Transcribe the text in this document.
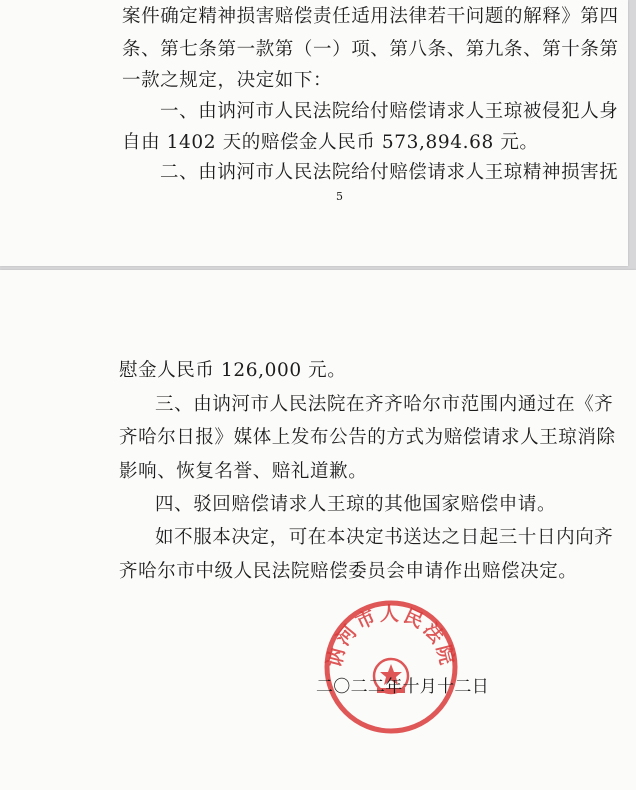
案件确定精神损害赔偿责任适用法律若干问题的解释》第四
条、第七条第一款第（一）项、第八条、第九条、第十条第
一款之规定，决定如下：
一、由讷河市人民法院给付赔偿请求人王琼被侵犯人身
自由 1402 天的赔偿金人民币 573,894.68 元。
二、由讷河市人民法院给付赔偿请求人王琼精神损害抚
5
慰金人民币 126,000 元。
三、由讷河市人民法院在齐齐哈尔市范围内通过在《齐
齐哈尔日报》媒体上发布公告的方式为赔偿请求人王琼消除
影响、恢复名誉、赔礼道歉。
四、驳回赔偿请求人王琼的其他国家赔偿申请。
如不服本决定，可在本决定书送达之日起三十日内向齐
齐哈尔市中级人民法院赔偿委员会申请作出赔偿决定。
讷河市人民法院
二〇二二年十月十二日
